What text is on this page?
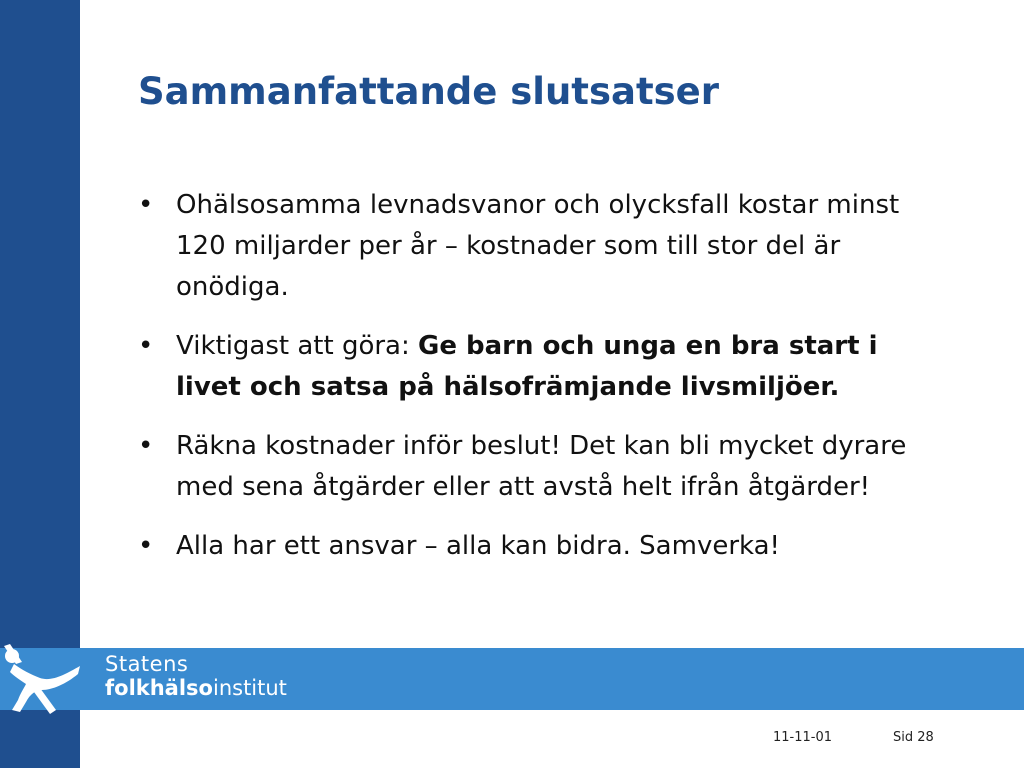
Sammanfattande slutsatser
• Ohälsosamma levnadsvanor och olycksfall kostar minst 120 miljarder per år – kostnader som till stor del är onödiga.
• Viktigast att göra: Ge barn och unga en bra start i livet och satsa på hälsofrämjande livsmiljöer.
• Räkna kostnader inför beslut! Det kan bli mycket dyrare med sena åtgärder eller att avstå helt ifrån åtgärder!
• Alla har ett ansvar – alla kan bidra. Samverka!
Statens
folkhälsoinstitut
11-11-01	Sid 28
